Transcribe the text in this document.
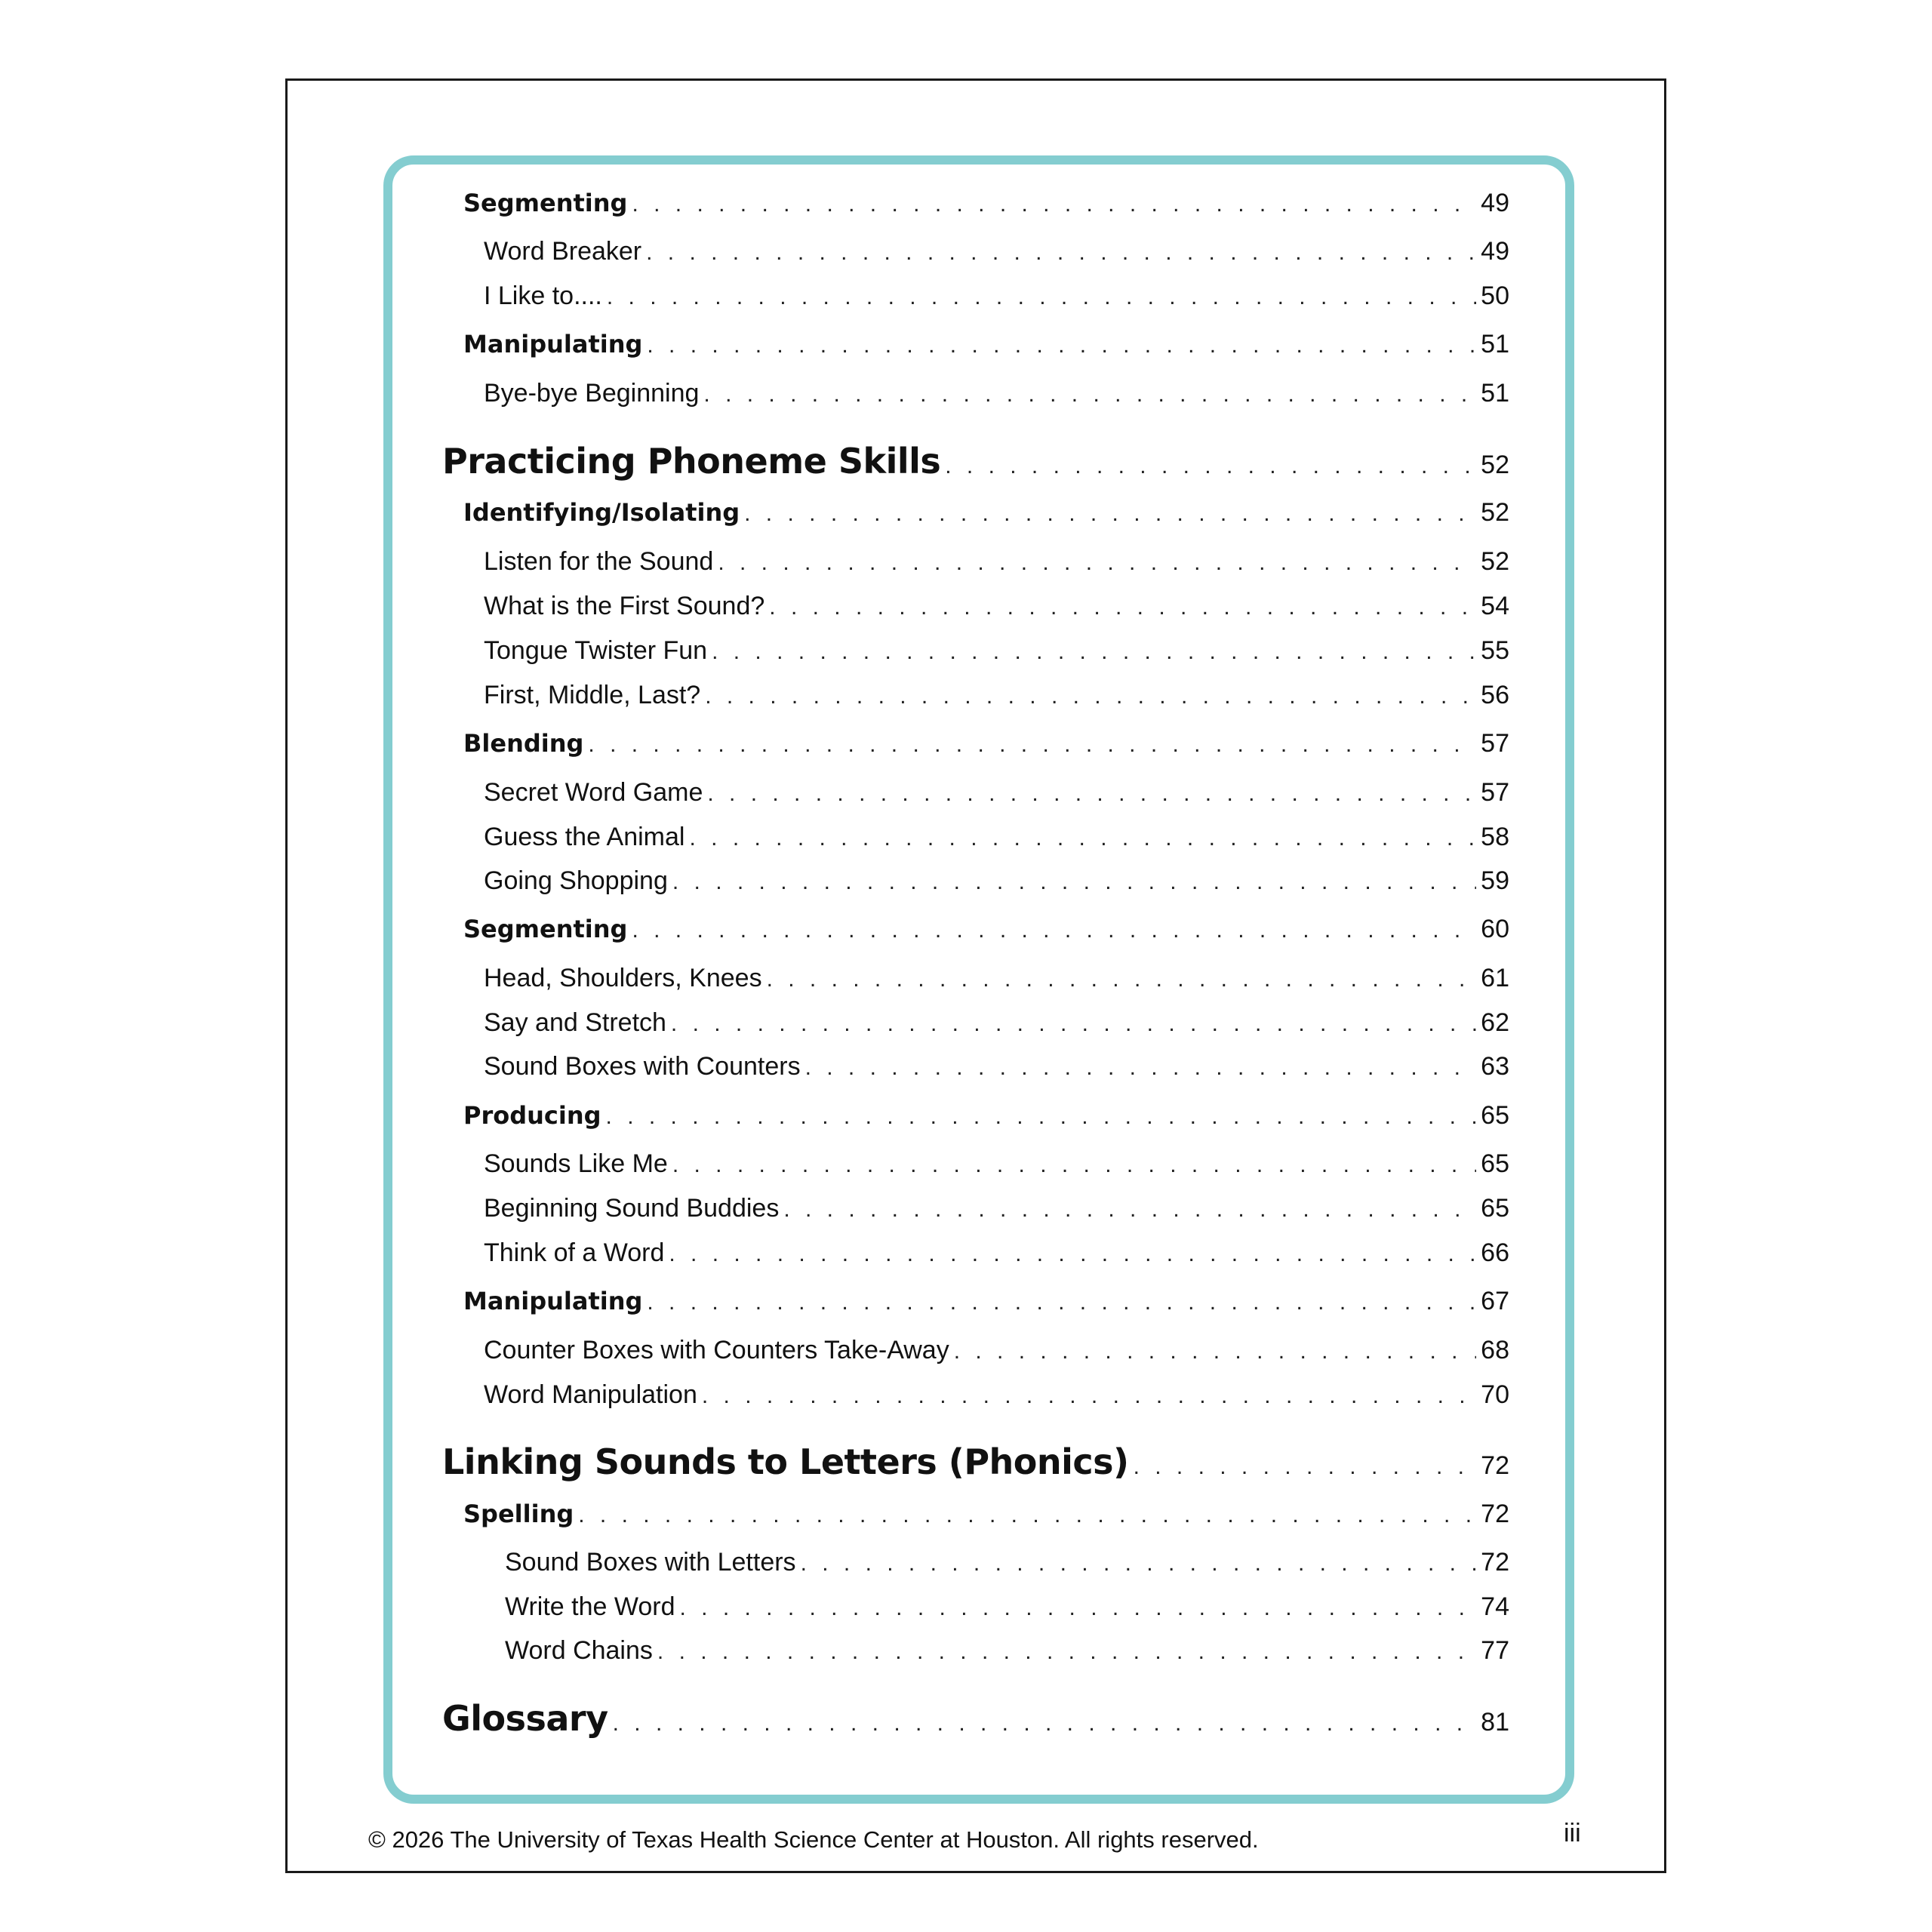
Segmenting . . .	49
Word Breaker . . .	49
I Like to.... . . .	50
Manipulating . . .	51
Bye-bye Beginning . . .	51
Practicing Phoneme Skills . . .	52
Identifying/Isolating . . .	52
Listen for the Sound . . .	52
What is the First Sound? . . .	54
Tongue Twister Fun . . .	55
First, Middle, Last? . . .	56
Blending . . .	57
Secret Word Game . . .	57
Guess the Animal . . .	58
Going Shopping . . .	59
Segmenting . . .	60
Head, Shoulders, Knees . . .	61
Say and Stretch . . .	62
Sound Boxes with Counters . . .	63
Producing . . .	65
Sounds Like Me . . .	65
Beginning Sound Buddies . . .	65
Think of a Word . . .	66
Manipulating . . .	67
Counter Boxes with Counters Take-Away . . .	68
Word Manipulation . . .	70
Linking Sounds to Letters (Phonics) . . .	72
Spelling . . .	72
Sound Boxes with Letters . . .	72
Write the Word . . .	74
Word Chains . . .	77
Glossary . . .	81
© 2026 The University of Texas Health Science Center at Houston. All rights reserved.	iii
